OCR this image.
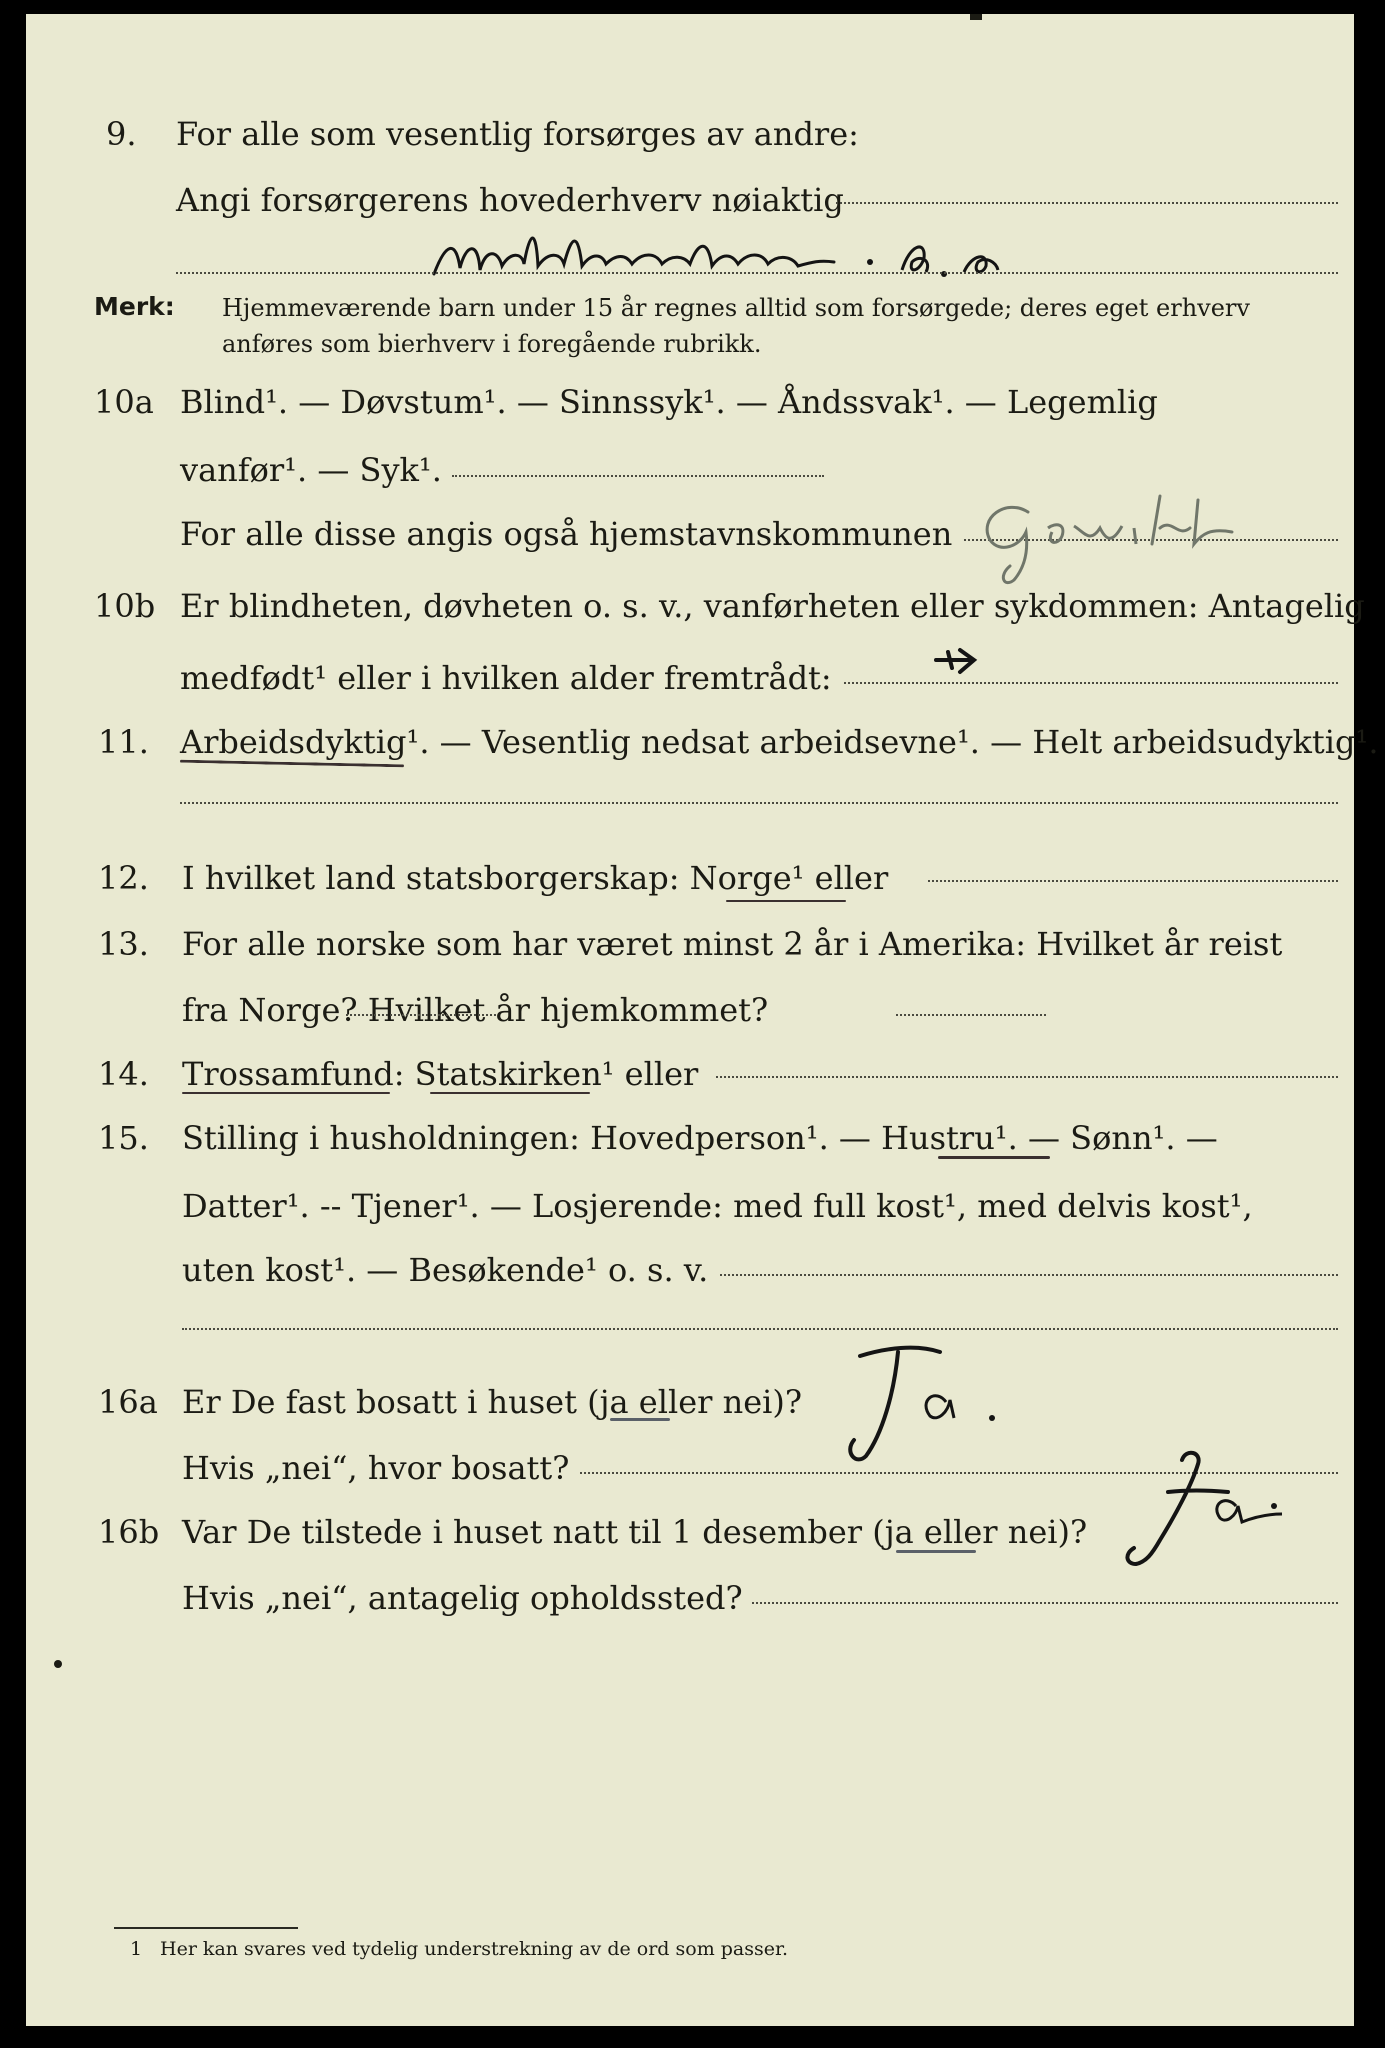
9. For alle som vesentlig forsørges av andre:
Angi forsørgerens hovederhverv nøiaktig
Merk: Hjemmeværende barn under 15 år regnes alltid som forsørgede; deres eget erhverv
anføres som bierhverv i foregående rubrikk.
10a Blind¹. — Døvstum¹. — Sinnssyk¹. — Åndssvak¹. — Legemlig
vanfør¹. — Syk¹.
For alle disse angis også hjemstavnskommunen
10b Er blindheten, døvheten o. s. v., vanførheten eller sykdommen: Antagelig
medfødt¹ eller i hvilken alder fremtrådt:
11. Arbeidsdyktig¹. — Vesentlig nedsat arbeidsevne¹. — Helt arbeidsudyktig¹.
12. I hvilket land statsborgerskap: Norge¹ eller
13. For alle norske som har været minst 2 år i Amerika: Hvilket år reist
fra Norge? Hvilket år hjemkommet?
14. Trossamfund: Statskirken¹ eller
15. Stilling i husholdningen: Hovedperson¹. — Hustru¹. — Sønn¹. —
Datter¹. -- Tjener¹. — Losjerende: med full kost¹, med delvis kost¹,
uten kost¹. — Besøkende¹ o. s. v.
16a Er De fast bosatt i huset (ja eller nei)?
Hvis „nei“, hvor bosatt?
16b Var De tilstede i huset natt til 1 desember (ja eller nei)?
Hvis „nei“, antagelig opholdssted?
1 Her kan svares ved tydelig understrekning av de ord som passer.
